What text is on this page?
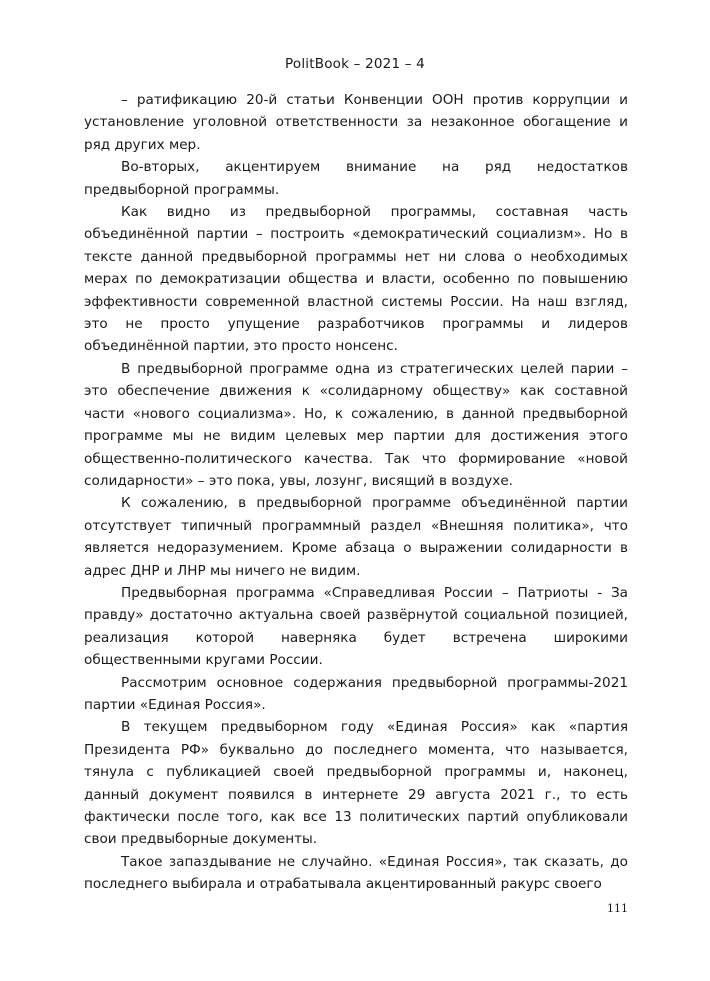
PolitBook – 2021 – 4

– ратификацию 20-й статьи Конвенции ООН против коррупции и установление уголовной ответственности за незаконное обогащение и ряд других мер.

Во-вторых, акцентируем внимание на ряд недостатков предвыборной программы.

Как видно из предвыборной программы, составная часть объединённой партии – построить «демократический социализм». Но в тексте данной предвыборной программы нет ни слова о необходимых мерах по демократизации общества и власти, особенно по повышению эффективности современной властной системы России. На наш взгляд, это не просто упущение разработчиков программы и лидеров объединённой партии, это просто нонсенс.

В предвыборной программе одна из стратегических целей парии – это обеспечение движения к «солидарному обществу» как составной части «нового социализма». Но, к сожалению, в данной предвыборной программе мы не видим целевых мер партии для достижения этого общественно-политического качества. Так что формирование «новой солидарности» – это пока, увы, лозунг, висящий в воздухе.

К сожалению, в предвыборной программе объединённой партии отсутствует типичный программный раздел «Внешняя политика», что является недоразумением. Кроме абзаца о выражении солидарности в адрес ДНР и ЛНР мы ничего не видим.

Предвыборная программа «Справедливая России – Патриоты - За правду» достаточно актуальна своей развёрнутой социальной позицией, реализация которой наверняка будет встречена широкими общественными кругами России.

Рассмотрим основное содержания предвыборной программы-2021 партии «Единая Россия».

В текущем предвыборном году «Единая Россия» как «партия Президента РФ» буквально до последнего момента, что называется, тянула с публикацией своей предвыборной программы и, наконец, данный документ появился в интернете 29 августа 2021 г., то есть фактически после того, как все 13 политических партий опубликовали свои предвыборные документы.

Такое запаздывание не случайно. «Единая Россия», так сказать, до последнего выбирала и отрабатывала акцентированный ракурс своего

111
